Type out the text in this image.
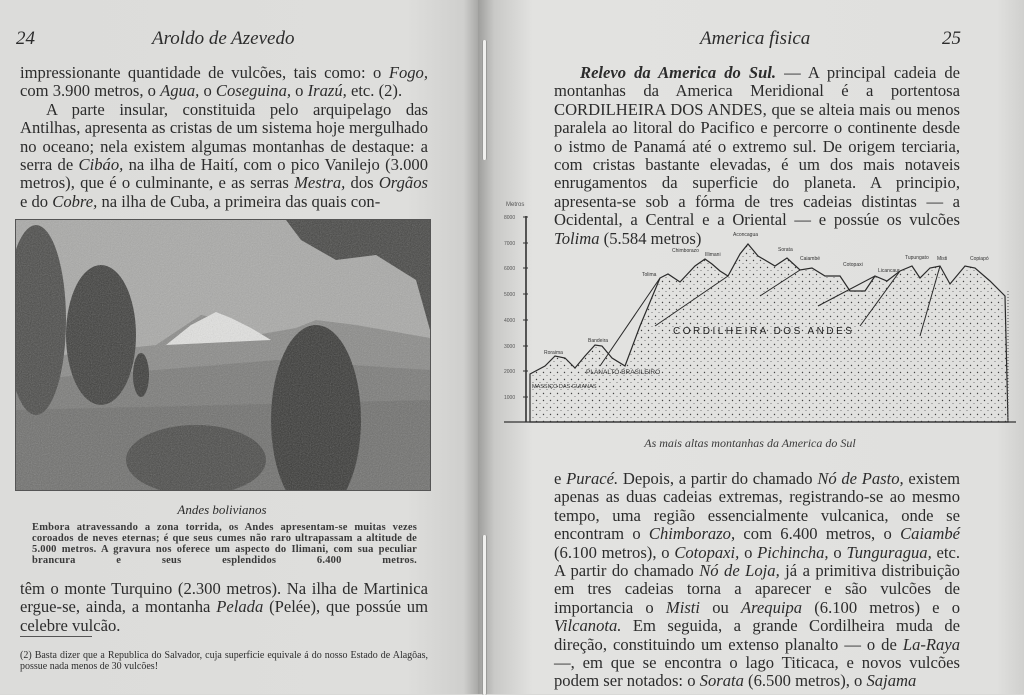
24	Aroldo de Azevedo

impressionante quantidade de vulcões, tais como: o Fogo, com 3.900 metros, o Agua, o Coseguina, o Irazú, etc. (2).

A parte insular, constituida pelo arquipelago das Antilhas, apresenta as cristas de um sistema hoje mergulhado no oceano; nela existem algumas montanhas de destaque: a serra de Cibáo, na ilha de Haití, com o pico Vanilejo (3.000 metros), que é o culminante, e as serras Mestra, dos Orgãos e do Cobre, na ilha de Cuba, a primeira das quais con-

Andes bolivianos
Embora atravessando a zona torrida, os Andes apresentam-se muitas vezes coroados de neves eternas; é que seus cumes não raro ultrapassam a altitude de 5.000 metros. A gravura nos oferece um aspecto do Ilimani, com sua peculiar brancura e seus esplendidos 6.400 metros.

têm o monte Turquino (2.300 metros). Na ilha de Martinica ergue-se, ainda, a montanha Pelada (Pelée), que possúe um celebre vulcão.

(2) Basta dizer que a Republica do Salvador, cuja superficie equivale á do nosso Estado de Alagôas, possue nada menos de 30 vulcões!
America fisica	25

Relevo da America do Sul. — A principal cadeia de montanhas da America Meridional é a portentosa CORDILHEIRA DOS ANDES, que se alteia mais ou menos paralela ao litoral do Pacifico e percorre o continente desde o istmo de Panamá até o extremo sul. De origem terciaria, com cristas bastante elevadas, é um dos mais notaveis enrugamentos da superficie do planeta. A principio, apresenta-se sob a fórma de tres cadeias distintas — a Ocidental, a Central e a Oriental — e possúe os vulcões Tolima (5.584 metros)

e Puracé. Depois, a partir do chamado Nó de Pasto, existem apenas as duas cadeias extremas, registrando-se ao mesmo tempo, uma região essencialmente vulcanica, onde se encontram o Chimborazo, com 6.400 metros, o Caiambé (6.100 metros), o Cotopaxi, o Pichincha, o Tunguragua, etc. A partir do chamado Nó de Loja, já a primitiva distribuição em tres cadeias torna a aparecer e são vulcões de importancia o Misti ou Arequipa (6.100 metros) e o Vilcanota. Em seguida, a grande Cordilheira muda de direção, constituindo um extenso planalto — o de La-Raya —, em que se encontra o lago Titicaca, e novos vulcões podem ser notados: o Sorata (6.500 metros), o Sajama

Metros
8000
7000
6000
5000
4000
3000
2000
1000
Roraima
Bandeira
Tolima
Chimborazo
Illimani
Aconcagua
Sorata
Caiambé
Cotopaxi
Licancaur
Tupungato Misti	Copiapó
CORDILHEIRA DOS ANDES
MASSIÇO DAS GUIANAS
PLANALTO BRASILEIRO
As mais altas montanhas da America do Sul
